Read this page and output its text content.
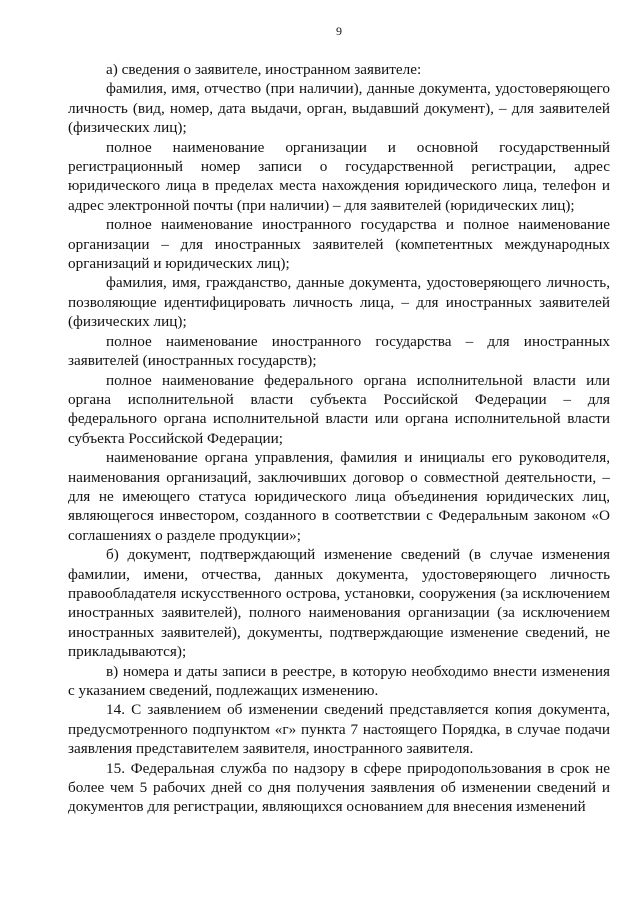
9

а) сведения о заявителе, иностранном заявителе:

фамилия, имя, отчество (при наличии), данные документа, удостоверяющего личность (вид, номер, дата выдачи, орган, выдавший документ), – для заявителей (физических лиц);

полное наименование организации и основной государственный регистрационный номер записи о государственной регистрации, адрес юридического лица в пределах места нахождения юридического лица, телефон и адрес электронной почты (при наличии) – для заявителей (юридических лиц);

полное наименование иностранного государства и полное наименование организации – для иностранных заявителей (компетентных международных организаций и юридических лиц);

фамилия, имя, гражданство, данные документа, удостоверяющего личность, позволяющие идентифицировать личность лица, – для иностранных заявителей (физических лиц);

полное наименование иностранного государства – для иностранных заявителей (иностранных государств);

полное наименование федерального органа исполнительной власти или органа исполнительной власти субъекта Российской Федерации – для федерального органа исполнительной власти или органа исполнительной власти субъекта Российской Федерации;

наименование органа управления, фамилия и инициалы его руководителя, наименования организаций, заключивших договор о совместной деятельности, – для не имеющего статуса юридического лица объединения юридических лиц, являющегося инвестором, созданного в соответствии с Федеральным законом «О соглашениях о разделе продукции»;

б) документ, подтверждающий изменение сведений (в случае изменения фамилии, имени, отчества, данных документа, удостоверяющего личность правообладателя искусственного острова, установки, сооружения (за исключением иностранных заявителей), полного наименования организации (за исключением иностранных заявителей), документы, подтверждающие изменение сведений, не прикладываются);

в) номера и даты записи в реестре, в которую необходимо внести изменения с указанием сведений, подлежащих изменению.

14. С заявлением об изменении сведений представляется копия документа, предусмотренного подпунктом «г» пункта 7 настоящего Порядка, в случае подачи заявления представителем заявителя, иностранного заявителя.

15. Федеральная служба по надзору в сфере природопользования в срок не более чем 5 рабочих дней со дня получения заявления об изменении сведений и документов для регистрации, являющихся основанием для внесения изменений
